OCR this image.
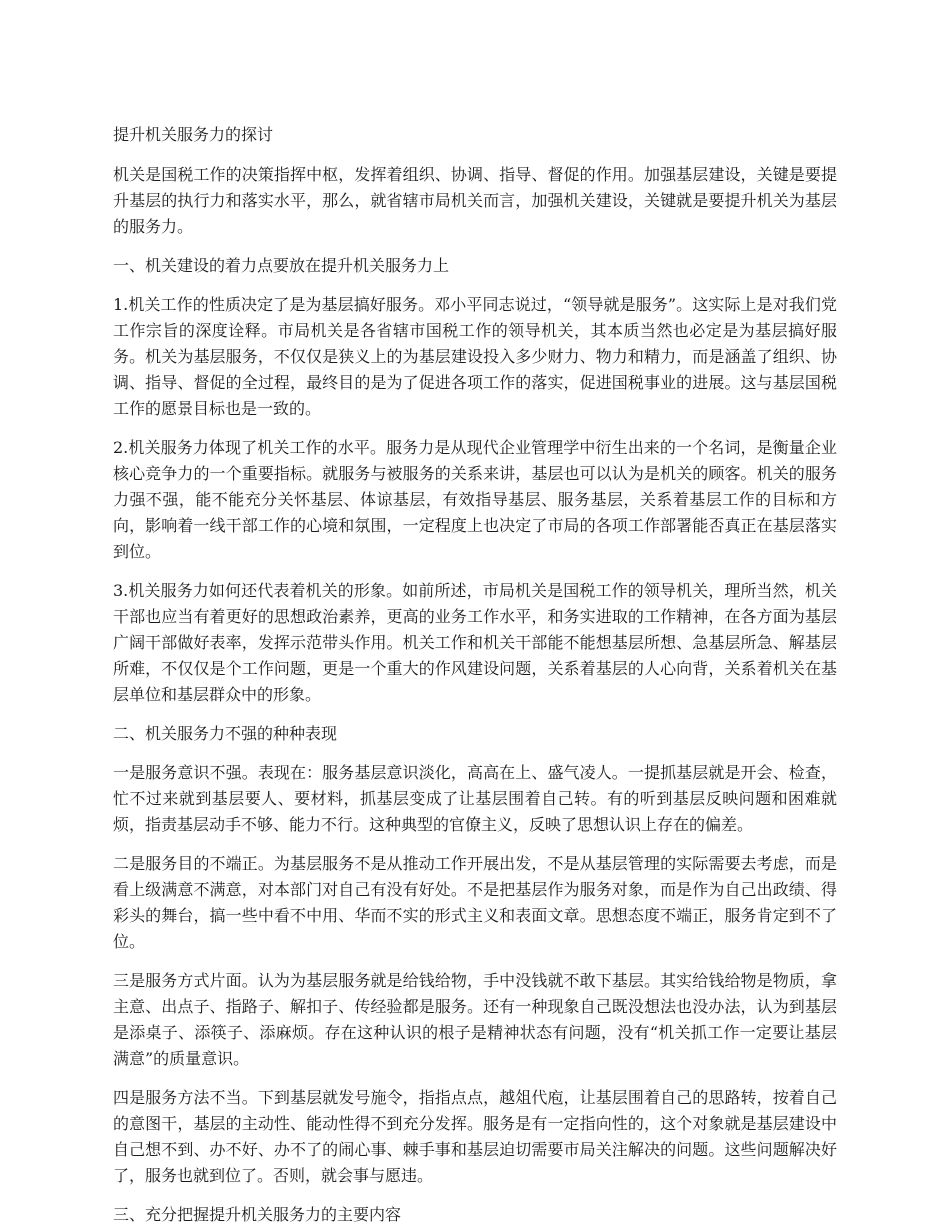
提升机关服务力的探讨

机关是国税工作的决策指挥中枢，发挥着组织、协调、指导、督促的作用。加强基层建设，关键是要提升基层的执行力和落实水平，那么，就省辖市局机关而言，加强机关建设，关键就是要提升机关为基层的服务力。

一、机关建设的着力点要放在提升机关服务力上

1.机关工作的性质决定了是为基层搞好服务。邓小平同志说过，“领导就是服务”。这实际上是对我们党工作宗旨的深度诠释。市局机关是各省辖市国税工作的领导机关，其本质当然也必定是为基层搞好服务。机关为基层服务，不仅仅是狭义上的为基层建设投入多少财力、物力和精力，而是涵盖了组织、协调、指导、督促的全过程，最终目的是为了促进各项工作的落实，促进国税事业的进展。这与基层国税工作的愿景目标也是一致的。

2.机关服务力体现了机关工作的水平。服务力是从现代企业管理学中衍生出来的一个名词，是衡量企业核心竞争力的一个重要指标。就服务与被服务的关系来讲，基层也可以认为是机关的顾客。机关的服务力强不强，能不能充分关怀基层、体谅基层，有效指导基层、服务基层，关系着基层工作的目标和方向，影响着一线干部工作的心境和氛围，一定程度上也决定了市局的各项工作部署能否真正在基层落实到位。

3.机关服务力如何还代表着机关的形象。如前所述，市局机关是国税工作的领导机关，理所当然，机关干部也应当有着更好的思想政治素养，更高的业务工作水平，和务实进取的工作精神，在各方面为基层广阔干部做好表率，发挥示范带头作用。机关工作和机关干部能不能想基层所想、急基层所急、解基层所难，不仅仅是个工作问题，更是一个重大的作风建设问题，关系着基层的人心向背，关系着机关在基层单位和基层群众中的形象。

二、机关服务力不强的种种表现

一是服务意识不强。表现在：服务基层意识淡化，高高在上、盛气凌人。一提抓基层就是开会、检查，忙不过来就到基层要人、要材料，抓基层变成了让基层围着自己转。有的听到基层反映问题和困难就烦，指责基层动手不够、能力不行。这种典型的官僚主义，反映了思想认识上存在的偏差。

二是服务目的不端正。为基层服务不是从推动工作开展出发，不是从基层管理的实际需要去考虑，而是看上级满意不满意，对本部门对自己有没有好处。不是把基层作为服务对象，而是作为自己出政绩、得彩头的舞台，搞一些中看不中用、华而不实的形式主义和表面文章。思想态度不端正，服务肯定到不了位。

三是服务方式片面。认为为基层服务就是给钱给物，手中没钱就不敢下基层。其实给钱给物是物质，拿主意、出点子、指路子、解扣子、传经验都是服务。还有一种现象自己既没想法也没办法，认为到基层是添桌子、添筷子、添麻烦。存在这种认识的根子是精神状态有问题，没有“机关抓工作一定要让基层满意”的质量意识。

四是服务方法不当。下到基层就发号施令，指指点点，越俎代庖，让基层围着自己的思路转，按着自己的意图干，基层的主动性、能动性得不到充分发挥。服务是有一定指向性的，这个对象就是基层建设中自己想不到、办不好、办不了的闹心事、棘手事和基层迫切需要市局关注解决的问题。这些问题解决好了，服务也就到位了。否则，就会事与愿违。

三、充分把握提升机关服务力的主要内容
